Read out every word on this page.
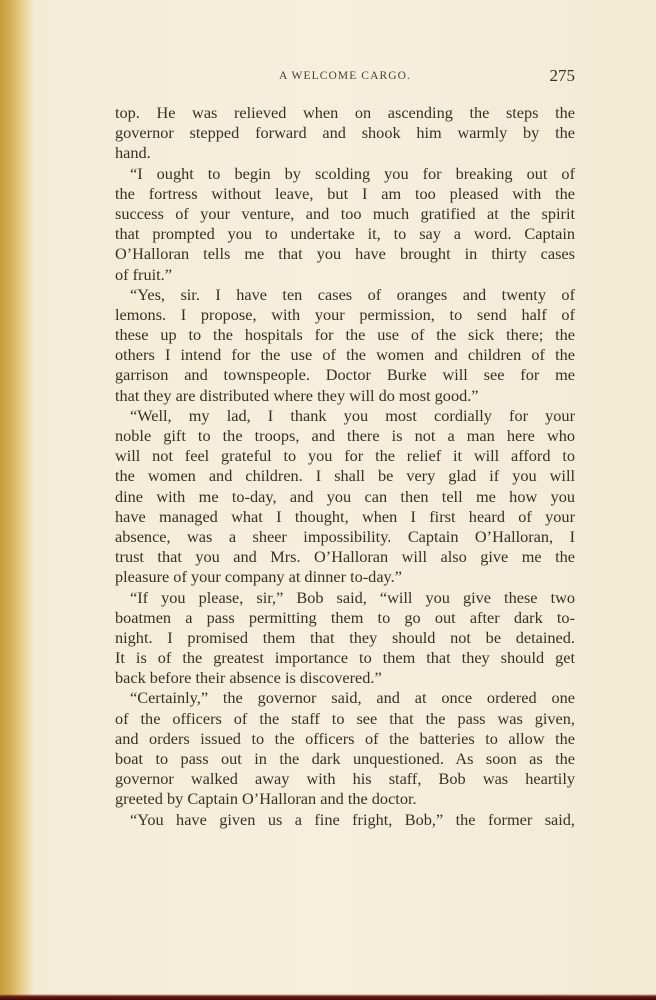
A WELCOME CARGO.	275
top. He was relieved when on ascending the steps the
governor stepped forward and shook him warmly by the
hand.
“I ought to begin by scolding you for breaking out of
the fortress without leave, but I am too pleased with the
success of your venture, and too much gratified at the spirit
that prompted you to undertake it, to say a word. Captain
O’Halloran tells me that you have brought in thirty cases
of fruit.”
“Yes, sir. I have ten cases of oranges and twenty of
lemons. I propose, with your permission, to send half of
these up to the hospitals for the use of the sick there; the
others I intend for the use of the women and children of the
garrison and townspeople. Doctor Burke will see for me
that they are distributed where they will do most good.”
“Well, my lad, I thank you most cordially for your
noble gift to the troops, and there is not a man here who
will not feel grateful to you for the relief it will afford to
the women and children. I shall be very glad if you will
dine with me to-day, and you can then tell me how you
have managed what I thought, when I first heard of your
absence, was a sheer impossibility. Captain O’Halloran, I
trust that you and Mrs. O’Halloran will also give me the
pleasure of your company at dinner to-day.”
“If you please, sir,” Bob said, “will you give these two
boatmen a pass permitting them to go out after dark to-
night. I promised them that they should not be detained.
It is of the greatest importance to them that they should get
back before their absence is discovered.”
“Certainly,” the governor said, and at once ordered one
of the officers of the staff to see that the pass was given,
and orders issued to the officers of the batteries to allow the
boat to pass out in the dark unquestioned. As soon as the
governor walked away with his staff, Bob was heartily
greeted by Captain O’Halloran and the doctor.
“You have given us a fine fright, Bob,” the former said,
